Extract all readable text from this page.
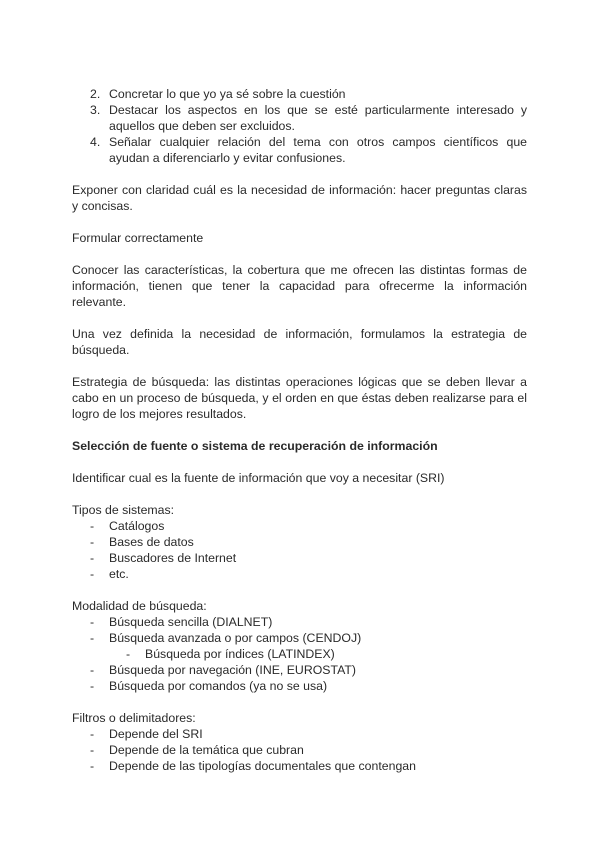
2. Concretar lo que yo ya sé sobre la cuestión
3. Destacar los aspectos en los que se esté particularmente interesado y aquellos que deben ser excluidos.
4. Señalar cualquier relación del tema con otros campos científicos que ayudan a diferenciarlo y evitar confusiones.

Exponer con claridad cuál es la necesidad de información: hacer preguntas claras y concisas.

Formular correctamente

Conocer las características, la cobertura que me ofrecen las distintas formas de información, tienen que tener la capacidad para ofrecerme la información relevante.

Una vez definida la necesidad de información, formulamos la estrategia de búsqueda.

Estrategia de búsqueda: las distintas operaciones lógicas que se deben llevar a cabo en un proceso de búsqueda, y el orden en que éstas deben realizarse para el logro de los mejores resultados.

Selección de fuente o sistema de recuperación de información

Identificar cual es la fuente de información que voy a necesitar (SRI)

Tipos de sistemas:

- Catálogos
- Bases de datos
- Buscadores de Internet
- etc.

Modalidad de búsqueda:

- Búsqueda sencilla (DIALNET)
- Búsqueda avanzada o por campos (CENDOJ)
- Búsqueda por índices (LATINDEX)
- Búsqueda por navegación (INE, EUROSTAT)
- Búsqueda por comandos (ya no se usa)

Filtros o delimitadores:

- Depende del SRI
- Depende de la temática que cubran
- Depende de las tipologías documentales que contengan
